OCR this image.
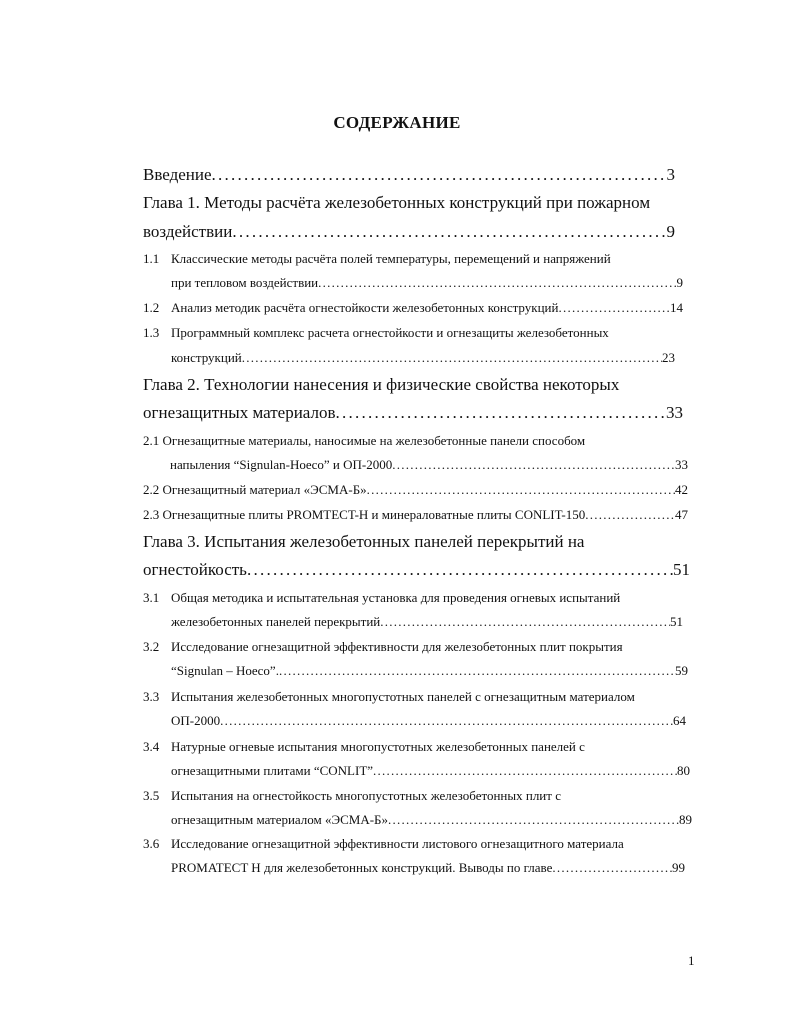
СОДЕРЖАНИЕ
Введение . . .	3
Глава 1. Методы расчёта железобетонных конструкций при пожарном
воздействии . . .	9
1.1 Классические методы расчёта полей температуры, перемещений и напряжений
при тепловом воздействии . . .	9
1.2 Анализ методик расчёта огнестойкости железобетонных конструкций . . .	14
1.3 Программный комплекс расчета огнестойкости и огнезащиты железобетонных
конструкций . . .	23
Глава 2. Технологии нанесения и физические свойства некоторых
огнезащитных материалов . . .	33
2.1 Огнезащитные материалы, наносимые на железобетонные панели способом
напыления “Signulan-Hoeco” и ОП-2000 . . .	33
2.2
Огнезащитный материал «ЭСМА-Б» . . .	42
2.3
Огнезащитные плиты PROMTECT-H и минераловатные плиты CONLIT-150 . . .	47
Глава 3. Испытания железобетонных панелей перекрытий на
огнестойкость . . .	51
3.1 Общая методика и испытательная установка для проведения огневых испытаний
железобетонных панелей перекрытий . . .	51
3.2 Исследование огнезащитной эффективности для железобетонных плит покрытия
“Signulan – Hoeco”. . . .	59
3.3 Испытания железобетонных многопустотных панелей с огнезащитным материалом
ОП-2000 . . .	64
3.4 Натурные огневые испытания многопустотных железобетонных панелей с
огнезащитными плитами “CONLIT” . . .	80
3.5 Испытания на огнестойкость многопустотных железобетонных плит с
огнезащитным материалом «ЭСМА-Б» . . .	89
3.6 Исследование огнезащитной эффективности листового огнезащитного материала
PROMATECT H для железобетонных конструкций. Выводы по главе . . .	99
1
